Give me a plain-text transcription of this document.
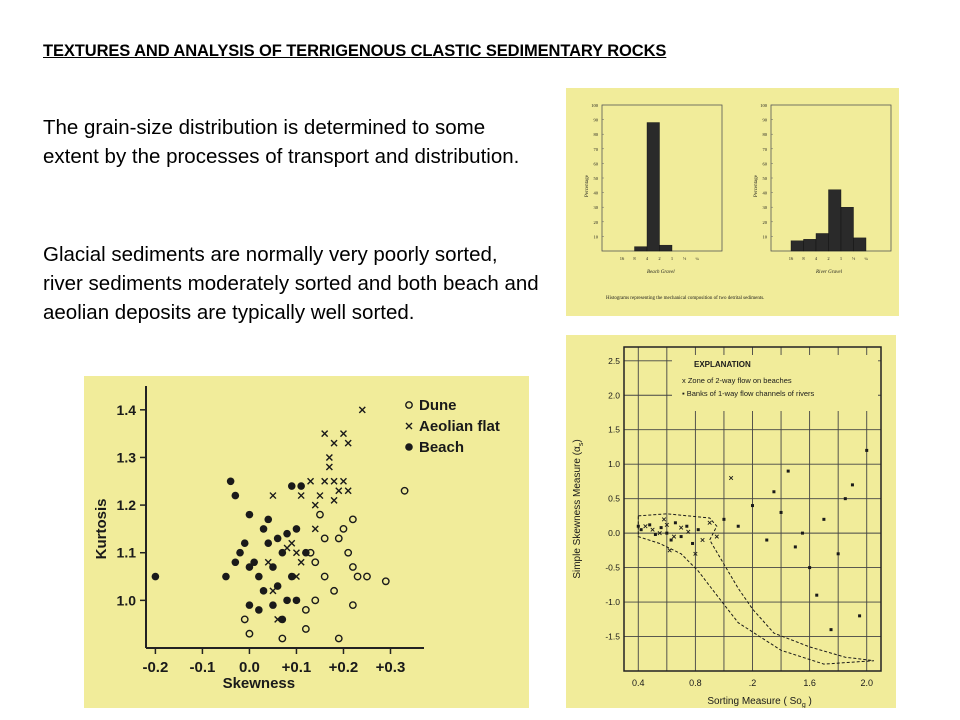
TEXTURES AND ANALYSIS OF TERRIGENOUS CLASTIC SEDIMENTARY ROCKS

The grain-size distribution is determined to some extent by the processes of transport and distribution.

Glacial sediments are normally very poorly sorted, river sediments moderately sorted and both beach and aeolian deposits are typically well sorted.

100
90
80
70
60
50
40
30
20
10
Percentage
16 8 4 2 1 ½ ¼
Beach Gravel
100
90
80
70
60
50
40
30
20
10
Percentage
16 8 4 2 1 ½ ¼
River Gravel
Histograms representing the mechanical composition of two detrital sediments.
-0.2 -0.1 0.0 +0.1 +0.2 +0.3
1.4
1.3
1.2
1.1
1.0
Skewness
Kurtosis
Dune
Aeolian flat
Beach
EXPLANATION
x Zone of 2-way flow on beaches
▪ Banks of 1-way flow channels of rivers
0.4	0.8	.2	1.6	2.0
2.5
2.0
1.5
1.0
0.5
0.0
-0.5
-1.0
-1.5
Sorting Measure ( $So_g$ )
Simple Skewness Measure $(\alpha_s)$
